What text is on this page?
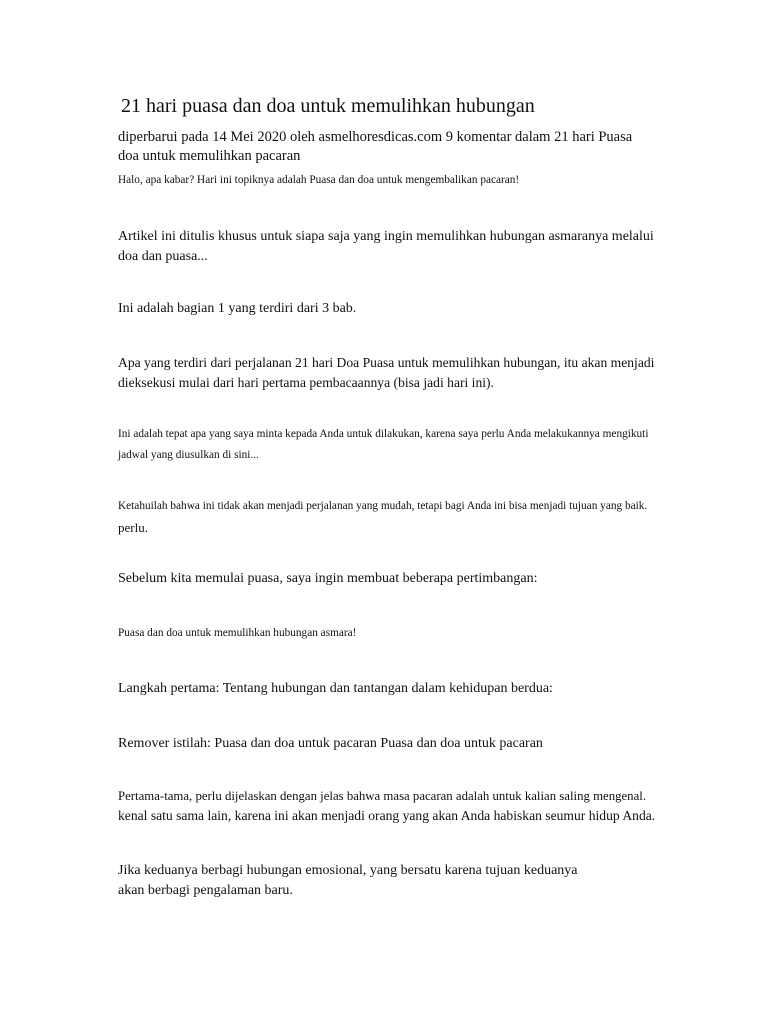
21 hari puasa dan doa untuk memulihkan hubungan

diperbarui pada 14 Mei 2020 oleh asmelhoresdicas.com 9 komentar dalam 21 hari Puasa
doa untuk memulihkan pacaran

Halo, apa kabar? Hari ini topiknya adalah Puasa dan doa untuk mengembalikan pacaran!

Artikel ini ditulis khusus untuk siapa saja yang ingin memulihkan hubungan asmaranya melalui
doa dan puasa...

Ini adalah bagian 1 yang terdiri dari 3 bab.

Apa yang terdiri dari perjalanan 21 hari Doa Puasa untuk memulihkan hubungan, itu akan menjadi
dieksekusi mulai dari hari pertama pembacaannya (bisa jadi hari ini).

Ini adalah tepat apa yang saya minta kepada Anda untuk dilakukan, karena saya perlu Anda melakukannya mengikuti
jadwal yang diusulkan di sini...

Ketahuilah bahwa ini tidak akan menjadi perjalanan yang mudah, tetapi bagi Anda ini bisa menjadi tujuan yang baik.
perlu.

Sebelum kita memulai puasa, saya ingin membuat beberapa pertimbangan:

Puasa dan doa untuk memulihkan hubungan asmara!

Langkah pertama: Tentang hubungan dan tantangan dalam kehidupan berdua:

Remover istilah: Puasa dan doa untuk pacaran Puasa dan doa untuk pacaran

Pertama-tama, perlu dijelaskan dengan jelas bahwa masa pacaran adalah untuk kalian saling mengenal.
kenal satu sama lain, karena ini akan menjadi orang yang akan Anda habiskan seumur hidup Anda.

Jika keduanya berbagi hubungan emosional, yang bersatu karena tujuan keduanya
akan berbagi pengalaman baru.
